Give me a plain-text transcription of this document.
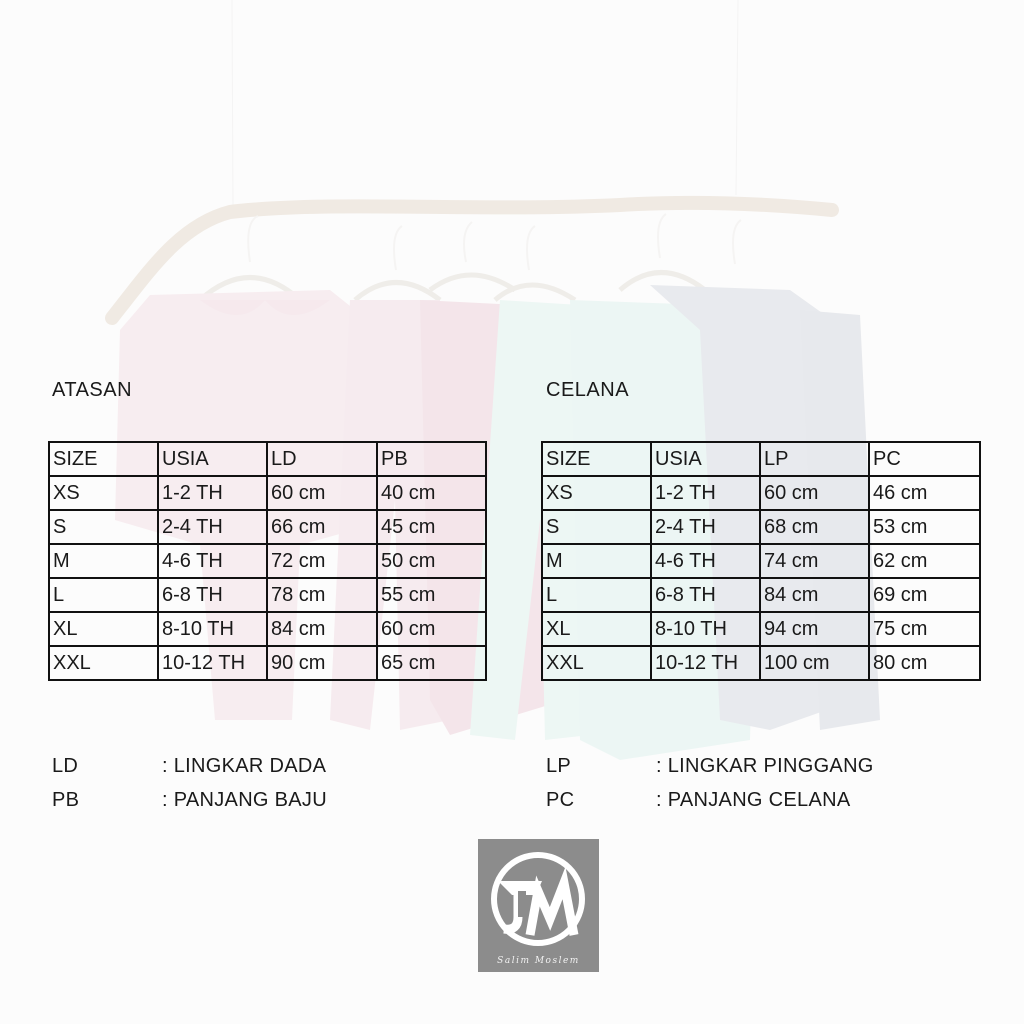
ATASAN	CELANA
SIZE	USIA	LD	PB
XS	1-2 TH	60 cm	40 cm
S	2-4 TH	66 cm	45 cm
M	4-6 TH	72 cm	50 cm
L	6-8 TH	78 cm	55 cm
XL	8-10 TH	84 cm	60 cm
XXL	10-12 TH	90 cm	65 cm
SIZE	USIA	LP	PC
XS	1-2 TH	60 cm	46 cm
S	2-4 TH	68 cm	53 cm
M	4-6 TH	74 cm	62 cm
L	6-8 TH	84 cm	69 cm
XL	8-10 TH	94 cm	75 cm
XXL	10-12 TH	100 cm	80 cm
LD	: LINGKAR DADA
PB	: PANJANG BAJU
LP	: LINGKAR PINGGANG
PC	: PANJANG CELANA
Salim Moslem
